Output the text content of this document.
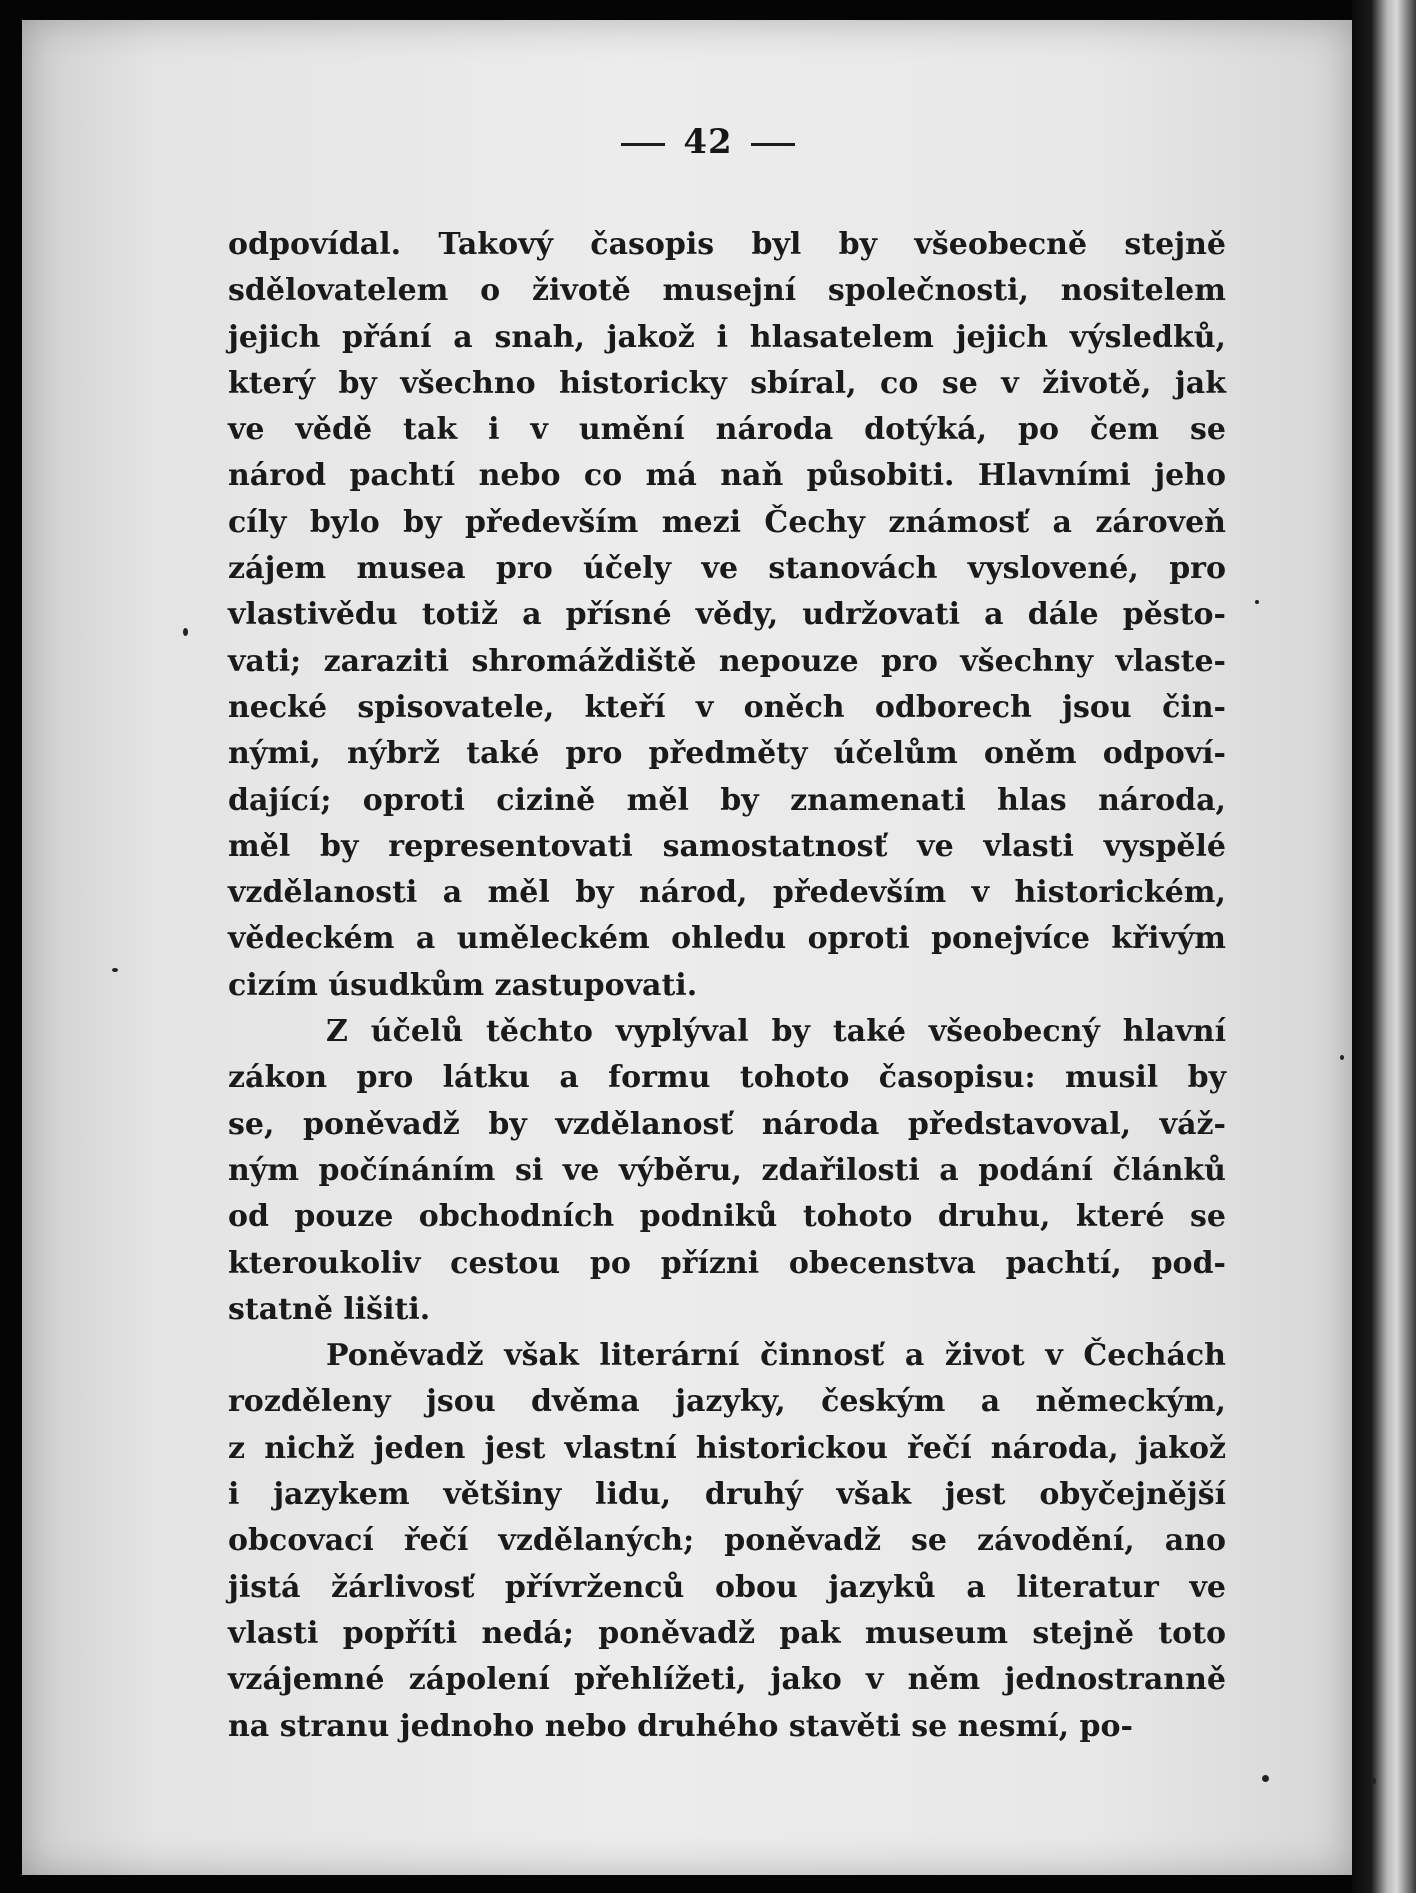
42
odpovídal. Takový časopis byl by všeobecně stejně
sdělovatelem o životě musejní společnosti, nositelem
jejich přání a snah, jakož i hlasatelem jejich výsledků,
který by všechno historicky sbíral, co se v životě, jak
ve vědě tak i v umění národa dotýká, po čem se
národ pachtí nebo co má naň působiti. Hlavními jeho
cíly bylo by především mezi Čechy známosť a zároveň
zájem musea pro účely ve stanovách vyslovené, pro
vlastivědu totiž a přísné vědy, udržovati a dále pěsto-
vati; zaraziti shromáždiště nepouze pro všechny vlaste-
necké spisovatele, kteří v oněch odborech jsou čin-
nými, nýbrž také pro předměty účelům oněm odpoví-
dající; oproti cizině měl by znamenati hlas národa,
měl by representovati samostatnosť ve vlasti vyspělé
vzdělanosti a měl by národ, především v historickém,
vědeckém a uměleckém ohledu oproti ponejvíce křivým
cizím úsudkům zastupovati.
Z účelů těchto vyplýval by také všeobecný hlavní
zákon pro látku a formu tohoto časopisu: musil by
se, poněvadž by vzdělanosť národa představoval, váž-
ným počínáním si ve výběru, zdařilosti a podání článků
od pouze obchodních podniků tohoto druhu, které se
kteroukoliv cestou po přízni obecenstva pachtí, pod-
statně lišiti.
Poněvadž však literární činnosť a život v Čechách
rozděleny jsou dvěma jazyky, českým a německým,
z nichž jeden jest vlastní historickou řečí národa, jakož
i jazykem většiny lidu, druhý však jest obyčejnější
obcovací řečí vzdělaných; poněvadž se závodění, ano
jistá žárlivosť přívrženců obou jazyků a literatur ve
vlasti popříti nedá; poněvadž pak museum stejně toto
vzájemné zápolení přehlížeti, jako v něm jednostranně
na stranu jednoho nebo druhého stavěti se nesmí, po-
